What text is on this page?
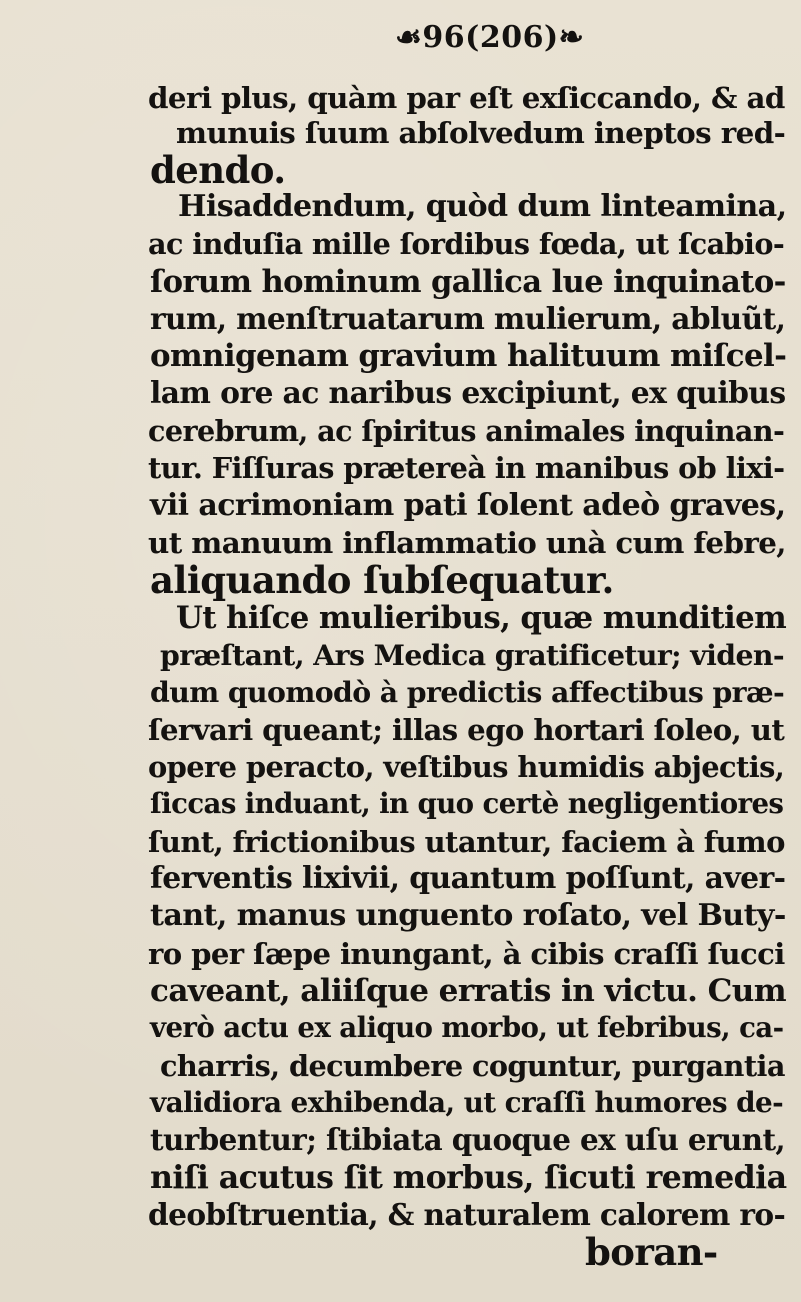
☙96(206)❧
deri plus, quàm par eſt exſiccando, & ad
munuis ſuum abſolvedum ineptos red-
dendo.
Hisaddendum, quòd dum linteamina,
ac induſia mille ſordibus fœda, ut ſcabio-
ſorum hominum gallica lue inquinato-
rum, menſtruatarum mulierum, abluũt,
omnigenam gravium halituum miſcel-
lam ore ac naribus excipiunt, ex quibus
cerebrum, ac ſpiritus animales inquinan-
tur. Fiſſuras prætereà in manibus ob lixi-
vii acrimoniam pati ſolent adeò graves,
ut manuum inflammatio unà cum febre,
aliquando ſubſequatur.
Ut hiſce mulieribus, quæ munditiem
præſtant, Ars Medica gratificetur; viden-
dum quomodò à predictis affectibus præ-
ſervari queant; illas ego hortari ſoleo, ut
opere peracto, veſtibus humidis abjectis,
ſiccas induant, in quo certè negligentiores
ſunt, frictionibus utantur, faciem à fumo
ferventis lixivii, quantum poſſunt, aver-
tant, manus unguento roſato, vel Buty-
ro per ſæpe inungant, à cibis craſſi ſucci
caveant, aliiſque erratis in victu. Cum
verò actu ex aliquo morbo, ut febribus, ca-
charris, decumbere coguntur, purgantia
validiora exhibenda, ut craſſi humores de-
turbentur; ſtibiata quoque ex uſu erunt,
niſi acutus ſit morbus, ſicuti remedia
deobſtruentia, & naturalem calorem ro-
boran-
